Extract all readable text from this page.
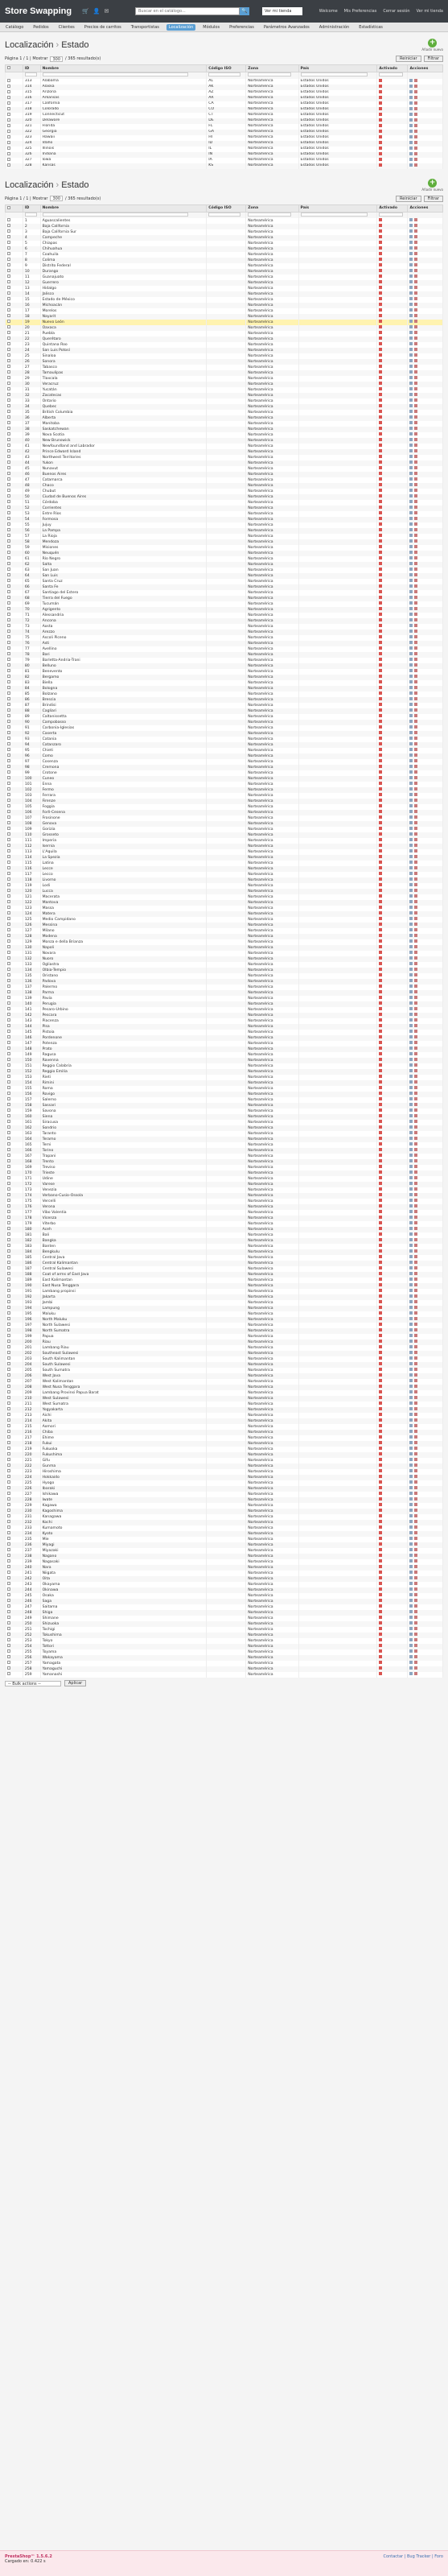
Store Swapping	🛒 👤 ✉
Buscar en el catálogo...	🔍	Ver mi tienda	Welcome Mis Preferencias Cerrar sesión Ver mi tienda
Catálogo	Pedidos	Clientes	Precios de carritos	Transportistas	Localización	Módulos	Preferencias	Parámetros Avanzados	Administración	Estadísticas
Localización › Estado	+
Añadir nuevo
Página 1 / 1 | Mostrar	300	/ 365 resultado(s)	Reiniciar	Filtrar
	ID	Nombre	Código ISO	Zona	País	Activado	Acciones

	313	Alabama	AL	Norteamérica	Estados Unidos		

	314	Alaska	AK	Norteamérica	Estados Unidos		

	315	Arizona	AZ	Norteamérica	Estados Unidos		

	316	Arkansas	AR	Norteamérica	Estados Unidos		

	317	California	CA	Norteamérica	Estados Unidos		

	318	Colorado	CO	Norteamérica	Estados Unidos		

	319	Connecticut	CT	Norteamérica	Estados Unidos		

	320	Delaware	DE	Norteamérica	Estados Unidos		

	321	Florida	FL	Norteamérica	Estados Unidos		

	322	Georgia	GA	Norteamérica	Estados Unidos		

	323	Hawaii	HI	Norteamérica	Estados Unidos		

	324	Idaho	ID	Norteamérica	Estados Unidos		

	325	Illinois	IL	Norteamérica	Estados Unidos		

	326	Indiana	IN	Norteamérica	Estados Unidos		

	327	Iowa	IA	Norteamérica	Estados Unidos		

	328	Kansas	KS	Norteamérica	Estados Unidos		
Localización › Estado	+
Añadir nuevo
Página 1 / 1 | Mostrar	300	/ 365 resultado(s)	Reiniciar	Filtrar
	ID	Nombre	Código ISO	Zona	País	Activado	Acciones

	1	Aguascalientes		Norteamérica			

	2	Baja California		Norteamérica			

	3	Baja California Sur		Norteamérica			

	4	Campeche		Norteamérica			

	5	Chiapas		Norteamérica			

	6	Chihuahua		Norteamérica			

	7	Coahuila		Norteamérica			

	8	Colima		Norteamérica			

	9	Distrito Federal		Norteamérica			

	10	Durango		Norteamérica			

	11	Guanajuato		Norteamérica			

	12	Guerrero		Norteamérica			

	13	Hidalgo		Norteamérica			

	14	Jalisco		Norteamérica			

	15	Estado de México		Norteamérica			

	16	Michoacán		Norteamérica			

	17	Morelos		Norteamérica			

	18	Nayarit		Norteamérica			

	19	Nuevo León		Norteamérica			

	20	Oaxaca		Norteamérica			

	21	Puebla		Norteamérica			

	22	Querétaro		Norteamérica			

	23	Quintana Roo		Norteamérica			

	24	San Luis Potosí		Norteamérica			

	25	Sinaloa		Norteamérica			

	26	Sonora		Norteamérica			

	27	Tabasco		Norteamérica			

	28	Tamaulipas		Norteamérica			

	29	Tlaxcala		Norteamérica			

	30	Veracruz		Norteamérica			

	31	Yucatán		Norteamérica			

	32	Zacatecas		Norteamérica			

	33	Ontario		Norteamérica			

	34	Quebec		Norteamérica			

	35	British Columbia		Norteamérica			

	36	Alberta		Norteamérica			

	37	Manitoba		Norteamérica			

	38	Saskatchewan		Norteamérica			

	39	Nova Scotia		Norteamérica			

	40	New Brunswick		Norteamérica			

	41	Newfoundland and Labrador		Norteamérica			

	42	Prince Edward Island		Norteamérica			

	43	Northwest Territories		Norteamérica			

	44	Yukon		Norteamérica			

	45	Nunavut		Norteamérica			

	46	Buenos Aires		Norteamérica			

	47	Catamarca		Norteamérica			

	48	Chaco		Norteamérica			

	49	Chubut		Norteamérica			

	50	Ciudad de Buenos Aires		Norteamérica			

	51	Córdoba		Norteamérica			

	52	Corrientes		Norteamérica			

	53	Entre Ríos		Norteamérica			

	54	Formosa		Norteamérica			

	55	Jujuy		Norteamérica			

	56	La Pampa		Norteamérica			

	57	La Rioja		Norteamérica			

	58	Mendoza		Norteamérica			

	59	Misiones		Norteamérica			

	60	Neuquén		Norteamérica			

	61	Río Negro		Norteamérica			

	62	Salta		Norteamérica			

	63	San Juan		Norteamérica			

	64	San Luis		Norteamérica			

	65	Santa Cruz		Norteamérica			

	66	Santa Fe		Norteamérica			

	67	Santiago del Estero		Norteamérica			

	68	Tierra del Fuego		Norteamérica			

	69	Tucumán		Norteamérica			

	70	Agrigento		Norteamérica			

	71	Alessandria		Norteamérica			

	72	Ancona		Norteamérica			

	73	Aosta		Norteamérica			

	74	Arezzo		Norteamérica			

	75	Ascoli Piceno		Norteamérica			

	76	Asti		Norteamérica			

	77	Avellino		Norteamérica			

	78	Bari		Norteamérica			

	79	Barletta-Andria-Trani		Norteamérica			

	80	Belluno		Norteamérica			

	81	Benevento		Norteamérica			

	82	Bergamo		Norteamérica			

	83	Biella		Norteamérica			

	84	Bologna		Norteamérica			

	85	Bolzano		Norteamérica			

	86	Brescia		Norteamérica			

	87	Brindisi		Norteamérica			

	88	Cagliari		Norteamérica			

	89	Caltanissetta		Norteamérica			

	90	Campobasso		Norteamérica			

	91	Carbonia-Iglesias		Norteamérica			

	92	Caserta		Norteamérica			

	93	Catania		Norteamérica			

	94	Catanzaro		Norteamérica			

	95	Chieti		Norteamérica			

	96	Como		Norteamérica			

	97	Cosenza		Norteamérica			

	98	Cremona		Norteamérica			

	99	Crotone		Norteamérica			

	100	Cuneo		Norteamérica			

	101	Enna		Norteamérica			

	102	Fermo		Norteamérica			

	103	Ferrara		Norteamérica			

	104	Firenze		Norteamérica			

	105	Foggia		Norteamérica			

	106	Forlì-Cesena		Norteamérica			

	107	Frosinone		Norteamérica			

	108	Genova		Norteamérica			

	109	Gorizia		Norteamérica			

	110	Grosseto		Norteamérica			

	111	Imperia		Norteamérica			

	112	Isernia		Norteamérica			

	113	L'Aquila		Norteamérica			

	114	La Spezia		Norteamérica			

	115	Latina		Norteamérica			

	116	Lecce		Norteamérica			

	117	Lecco		Norteamérica			

	118	Livorno		Norteamérica			

	119	Lodi		Norteamérica			

	120	Lucca		Norteamérica			

	121	Macerata		Norteamérica			

	122	Mantova		Norteamérica			

	123	Massa		Norteamérica			

	124	Matera		Norteamérica			

	125	Medio Campidano		Norteamérica			

	126	Messina		Norteamérica			

	127	Milano		Norteamérica			

	128	Modena		Norteamérica			

	129	Monza e della Brianza		Norteamérica			

	130	Napoli		Norteamérica			

	131	Novara		Norteamérica			

	132	Nuoro		Norteamérica			

	133	Ogliastra		Norteamérica			

	134	Olbia-Tempio		Norteamérica			

	135	Oristano		Norteamérica			

	136	Padova		Norteamérica			

	137	Palermo		Norteamérica			

	138	Parma		Norteamérica			

	139	Pavia		Norteamérica			

	140	Perugia		Norteamérica			

	141	Pesaro-Urbino		Norteamérica			

	142	Pescara		Norteamérica			

	143	Piacenza		Norteamérica			

	144	Pisa		Norteamérica			

	145	Pistoia		Norteamérica			

	146	Pordenone		Norteamérica			

	147	Potenza		Norteamérica			

	148	Prato		Norteamérica			

	149	Ragusa		Norteamérica			

	150	Ravenna		Norteamérica			

	151	Reggio Calabria		Norteamérica			

	152	Reggio Emilia		Norteamérica			

	153	Rieti		Norteamérica			

	154	Rimini		Norteamérica			

	155	Roma		Norteamérica			

	156	Rovigo		Norteamérica			

	157	Salerno		Norteamérica			

	158	Sassari		Norteamérica			

	159	Savona		Norteamérica			

	160	Siena		Norteamérica			

	161	Siracusa		Norteamérica			

	162	Sondrio		Norteamérica			

	163	Taranto		Norteamérica			

	164	Teramo		Norteamérica			

	165	Terni		Norteamérica			

	166	Torino		Norteamérica			

	167	Trapani		Norteamérica			

	168	Trento		Norteamérica			

	169	Treviso		Norteamérica			

	170	Trieste		Norteamérica			

	171	Udine		Norteamérica			

	172	Varese		Norteamérica			

	173	Venezia		Norteamérica			

	174	Verbano-Cusio-Ossola		Norteamérica			

	175	Vercelli		Norteamérica			

	176	Verona		Norteamérica			

	177	Vibo Valentia		Norteamérica			

	178	Vicenza		Norteamérica			

	179	Viterbo		Norteamérica			

	180	Aceh		Norteamérica			

	181	Bali		Norteamérica			

	182	Bangka		Norteamérica			

	183	Banten		Norteamérica			

	184	Bengkulu		Norteamérica			

	185	Central Java		Norteamérica			

	186	Central Kalimantan		Norteamérica			

	187	Central Sulawesi		Norteamérica			

	188	Coat of arms of East Java		Norteamérica			

	189	East Kalimantan		Norteamérica			

	190	East Nusa Tenggara		Norteamérica			

	191	Lambang propinsi		Norteamérica			

	192	Jakarta		Norteamérica			

	193	Jambi		Norteamérica			

	194	Lampung		Norteamérica			

	195	Maluku		Norteamérica			

	196	North Maluku		Norteamérica			

	197	North Sulawesi		Norteamérica			

	198	North Sumatra		Norteamérica			

	199	Papua		Norteamérica			

	200	Riau		Norteamérica			

	201	Lambang Riau		Norteamérica			

	202	Southeast Sulawesi		Norteamérica			

	203	South Kalimantan		Norteamérica			

	204	South Sulawesi		Norteamérica			

	205	South Sumatra		Norteamérica			

	206	West Java		Norteamérica			

	207	West Kalimantan		Norteamérica			

	208	West Nusa Tenggara		Norteamérica			

	209	Lambang Provinsi Papua Barat		Norteamérica			

	210	West Sulawesi		Norteamérica			

	211	West Sumatra		Norteamérica			

	212	Yogyakarta		Norteamérica			

	213	Aichi		Norteamérica			

	214	Akita		Norteamérica			

	215	Aomori		Norteamérica			

	216	Chiba		Norteamérica			

	217	Ehime		Norteamérica			

	218	Fukui		Norteamérica			

	219	Fukuoka		Norteamérica			

	220	Fukushima		Norteamérica			

	221	Gifu		Norteamérica			

	222	Gunma		Norteamérica			

	223	Hiroshima		Norteamérica			

	224	Hokkaido		Norteamérica			

	225	Hyogo		Norteamérica			

	226	Ibaraki		Norteamérica			

	227	Ishikawa		Norteamérica			

	228	Iwate		Norteamérica			

	229	Kagawa		Norteamérica			

	230	Kagoshima		Norteamérica			

	231	Kanagawa		Norteamérica			

	232	Kochi		Norteamérica			

	233	Kumamoto		Norteamérica			

	234	Kyoto		Norteamérica			

	235	Mie		Norteamérica			

	236	Miyagi		Norteamérica			

	237	Miyazaki		Norteamérica			

	238	Nagano		Norteamérica			

	239	Nagasaki		Norteamérica			

	240	Nara		Norteamérica			

	241	Niigata		Norteamérica			

	242	Oita		Norteamérica			

	243	Okayama		Norteamérica			

	244	Okinawa		Norteamérica			

	245	Osaka		Norteamérica			

	246	Saga		Norteamérica			

	247	Saitama		Norteamérica			

	248	Shiga		Norteamérica			

	249	Shimane		Norteamérica			

	250	Shizuoka		Norteamérica			

	251	Tochigi		Norteamérica			

	252	Tokushima		Norteamérica			

	253	Tokyo		Norteamérica			

	254	Tottori		Norteamérica			

	255	Toyama		Norteamérica			

	256	Wakayama		Norteamérica			

	257	Yamagata		Norteamérica			

	258	Yamaguchi		Norteamérica			

	259	Yamanashi		Norteamérica			
-- Bulk actions --	Aplicar
PrestaShop™ 1.5.6.2
Cargado en: 0.422 s
Contactar | Bug Tracker | Foro
